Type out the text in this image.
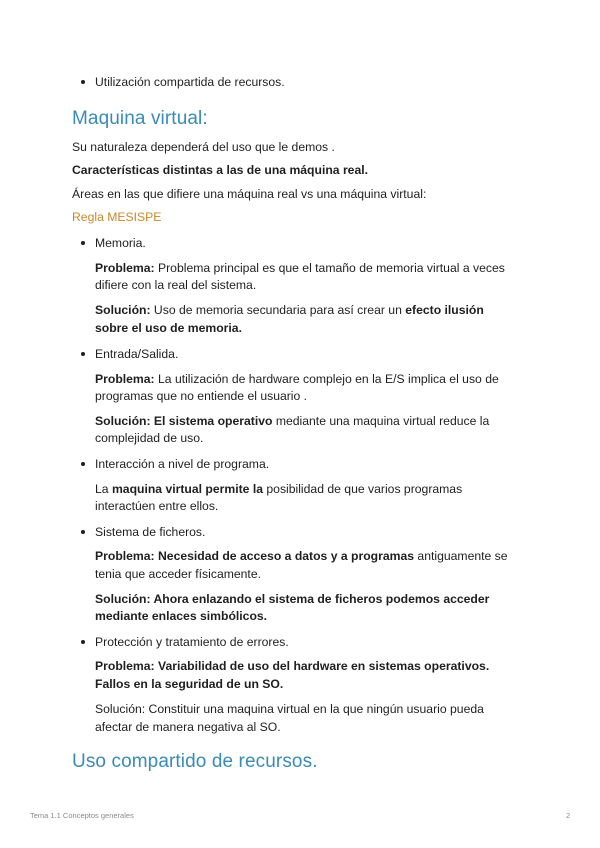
Utilización compartida de recursos.
Maquina virtual:
Su naturaleza dependerá del uso que le demos .
Características distintas a las de una máquina real.
Áreas en las que difiere una máquina real vs una máquina virtual:
Regla MESISPE
Memoria.
Problema: Problema principal es que el tamaño de memoria virtual a veces
difiere con la real del sistema.
Solución: Uso de memoria secundaria para así crear un efecto ilusión
sobre el uso de memoria.
Entrada/Salida.
Problema: La utilización de hardware complejo en la E/S implica el uso de
programas que no entiende el usuario .
Solución: El sistema operativo mediante una maquina virtual reduce la
complejidad de uso.
Interacción a nivel de programa.
La maquina virtual permite la posibilidad de que varios programas
interactúen entre ellos.
Sistema de ficheros.
Problema: Necesidad de acceso a datos y a programas antiguamente se
tenia que acceder físicamente.
Solución: Ahora enlazando el sistema de ficheros podemos acceder
mediante enlaces simbólicos.
Protección y tratamiento de errores.
Problema: Variabilidad de uso del hardware en sistemas operativos.
Fallos en la seguridad de un SO.
Solución: Constituir una maquina virtual en la que ningún usuario pueda
afectar de manera negativa al SO.
Uso compartido de recursos.
Tema 1.1 Conceptos generales	2
